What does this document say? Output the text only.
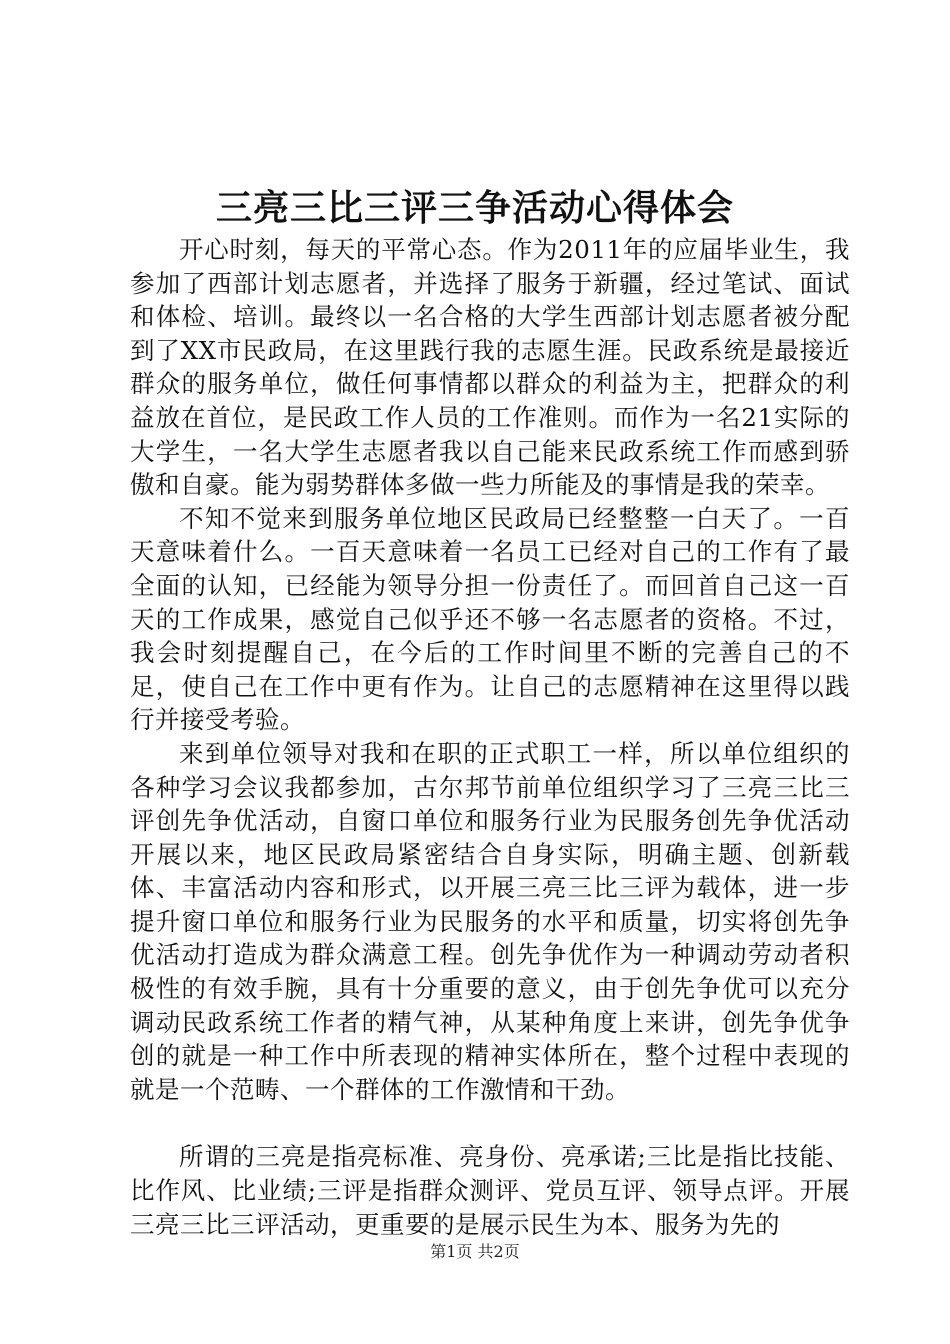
三亮三比三评三争活动心得体会

开心时刻，每天的平常心态。作为2011年的应届毕业生，我参加了西部计划志愿者，并选择了服务于新疆，经过笔试、面试和体检、培训。最终以一名合格的大学生西部计划志愿者被分配到了XX市民政局，在这里践行我的志愿生涯。民政系统是最接近群众的服务单位，做任何事情都以群众的利益为主，把群众的利益放在首位，是民政工作人员的工作准则。而作为一名21实际的大学生，一名大学生志愿者我以自己能来民政系统工作而感到骄傲和自豪。能为弱势群体多做一些力所能及的事情是我的荣幸。

不知不觉来到服务单位地区民政局已经整整一白天了。一百天意味着什么。一百天意味着一名员工已经对自己的工作有了最全面的认知，已经能为领导分担一份责任了。而回首自己这一百天的工作成果，感觉自己似乎还不够一名志愿者的资格。不过，我会时刻提醒自己，在今后的工作时间里不断的完善自己的不足，使自己在工作中更有作为。让自己的志愿精神在这里得以践行并接受考验。

来到单位领导对我和在职的正式职工一样，所以单位组织的各种学习会议我都参加，古尔邦节前单位组织学习了三亮三比三评创先争优活动，自窗口单位和服务行业为民服务创先争优活动开展以来，地区民政局紧密结合自身实际，明确主题、创新载体、丰富活动内容和形式，以开展三亮三比三评为载体，进一步提升窗口单位和服务行业为民服务的水平和质量，切实将创先争优活动打造成为群众满意工程。创先争优作为一种调动劳动者积极性的有效手腕，具有十分重要的意义，由于创先争优可以充分调动民政系统工作者的精气神，从某种角度上来讲，创先争优争创的就是一种工作中所表现的精神实体所在，整个过程中表现的就是一个范畴、一个群体的工作激情和干劲。

所谓的三亮是指亮标准、亮身份、亮承诺;三比是指比技能、比作风、比业绩;三评是指群众测评、党员互评、领导点评。开展三亮三比三评活动，更重要的是展示民生为本、服务为先的

第1页 共2页
